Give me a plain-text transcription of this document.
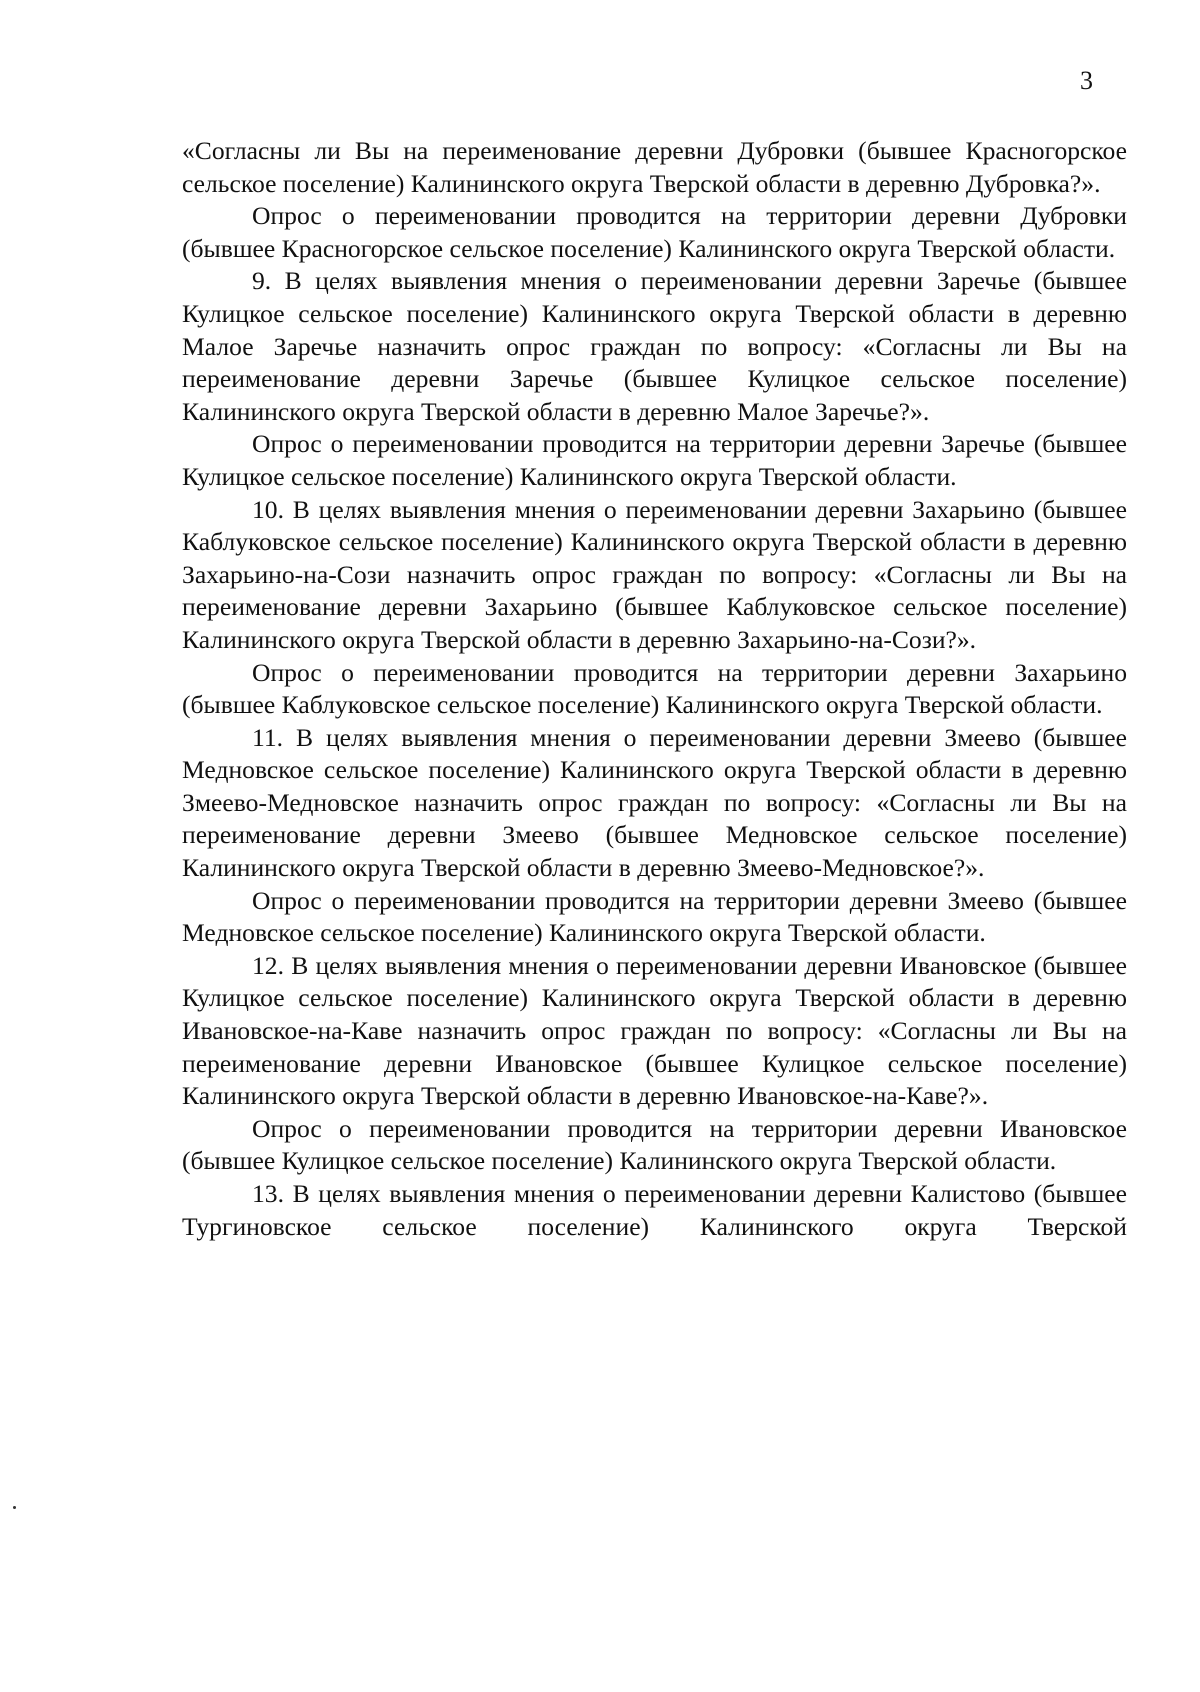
3

«Согласны ли Вы на переименование деревни Дубровки (бывшее Красногорское сельское поселение) Калининского округа Тверской области в деревню Дубровка?».

Опрос о переименовании проводится на территории деревни Дубровки (бывшее Красногорское сельское поселение) Калининского округа Тверской области.

9. В целях выявления мнения о переименовании деревни Заречье (бывшее Кулицкое сельское поселение) Калининского округа Тверской области в деревню Малое Заречье назначить опрос граждан по вопросу: «Согласны ли Вы на переименование деревни Заречье (бывшее Кулицкое сельское поселение) Калининского округа Тверской области в деревню Малое Заречье?».

Опрос о переименовании проводится на территории деревни Заречье (бывшее Кулицкое сельское поселение) Калининского округа Тверской области.

10. В целях выявления мнения о переименовании деревни Захарьино (бывшее Каблуковское сельское поселение) Калининского округа Тверской области в деревню Захарьино-на-Сози назначить опрос граждан по вопросу: «Согласны ли Вы на переименование деревни Захарьино (бывшее Каблуковское сельское поселение) Калининского округа Тверской области в деревню Захарьино-на-Сози?».

Опрос о переименовании проводится на территории деревни Захарьино (бывшее Каблуковское сельское поселение) Калининского округа Тверской области.

11. В целях выявления мнения о переименовании деревни Змеево (бывшее Медновское сельское поселение) Калининского округа Тверской области в деревню Змеево-Медновское назначить опрос граждан по вопросу: «Согласны ли Вы на переименование деревни Змеево (бывшее Медновское сельское поселение) Калининского округа Тверской области в деревню Змеево-Медновское?».

Опрос о переименовании проводится на территории деревни Змеево (бывшее Медновское сельское поселение) Калининского округа Тверской области.

12. В целях выявления мнения о переименовании деревни Ивановское (бывшее Кулицкое сельское поселение) Калининского округа Тверской области в деревню Ивановское-на-Каве назначить опрос граждан по вопросу: «Согласны ли Вы на переименование деревни Ивановское (бывшее Кулицкое сельское поселение) Калининского округа Тверской области в деревню Ивановское-на-Каве?».

Опрос о переименовании проводится на территории деревни Ивановское (бывшее Кулицкое сельское поселение) Калининского округа Тверской области.

13. В целях выявления мнения о переименовании деревни Калистово (бывшее Тургиновское сельское поселение) Калининского округа Тверской
